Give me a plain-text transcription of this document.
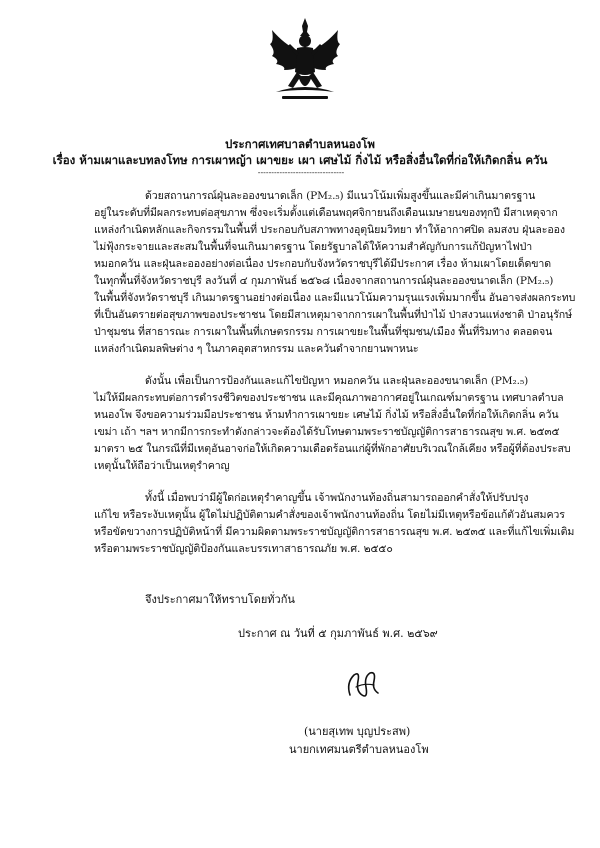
ประกาศเทศบาลตำบลหนองโพ
เรื่อง ห้ามเผาและบทลงโทษ การเผาหญ้า เผาขยะ เผา เศษไม้ กิ่งไม้ หรือสิ่งอื่นใดที่ก่อให้เกิดกลิ่น ควัน
--------------------------------
ด้วยสถานการณ์ฝุ่นละอองขนาดเล็ก (PM₂.₅) มีแนวโน้มเพิ่มสูงขึ้นและมีค่าเกินมาตรฐาน
อยู่ในระดับที่มีผลกระทบต่อสุขภาพ ซึ่งจะเริ่มตั้งแต่เดือนพฤศจิกายนถึงเดือนเมษายนของทุกปี มีสาเหตุจาก
แหล่งกำเนิดหลักและกิจกรรมในพื้นที่ ประกอบกับสภาพทางอุตุนิยมวิทยา ทำให้อากาศปิด ลมสงบ ฝุ่นละออง
ไม่ฟุ้งกระจายและสะสมในพื้นที่จนเกินมาตรฐาน โดยรัฐบาลได้ให้ความสำคัญกับการแก้ปัญหาไฟป่า
หมอกควัน และฝุ่นละอองอย่างต่อเนื่อง ประกอบกับจังหวัดราชบุรีได้มีประกาศ เรื่อง ห้ามเผาโดยเด็ดขาด
ในทุกพื้นที่จังหวัดราชบุรี ลงวันที่ ๔ กุมภาพันธ์ ๒๕๖๘ เนื่องจากสถานการณ์ฝุ่นละอองขนาดเล็ก (PM₂.₅)
ในพื้นที่จังหวัดราชบุรี เกินมาตรฐานอย่างต่อเนื่อง และมีแนวโน้มความรุนแรงเพิ่มมากขึ้น อันอาจส่งผลกระทบ
ที่เป็นอันตรายต่อสุขภาพของประชาชน โดยมีสาเหตุมาจากการเผาในพื้นที่ป่าไม้ ป่าสงวนแห่งชาติ ป่าอนุรักษ์
ป่าชุมชน ที่สาธารณะ การเผาในพื้นที่เกษตรกรรม การเผาขยะในพื้นที่ชุมชน/เมือง พื้นที่ริมทาง ตลอดจน
แหล่งกำเนิดมลพิษต่าง ๆ ในภาคอุตสาหกรรม และควันดำจากยานพาหนะ
ดังนั้น เพื่อเป็นการป้องกันและแก้ไขปัญหา หมอกควัน และฝุ่นละอองขนาดเล็ก (PM₂.₅)
ไม่ให้มีผลกระทบต่อการดำรงชีวิตของประชาชน และมีคุณภาพอากาศอยู่ในเกณฑ์มาตรฐาน เทศบาลตำบล
หนองโพ จึงขอความร่วมมือประชาชน ห้ามทำการเผาขยะ เศษไม้ กิ่งไม้ หรือสิ่งอื่นใดที่ก่อให้เกิดกลิ่น ควัน
เขม่า เถ้า ฯลฯ หากมีการกระทำดังกล่าวจะต้องได้รับโทษตามพระราชบัญญัติการสาธารณสุข พ.ศ. ๒๕๓๕
มาตรา ๒๕ ในกรณีที่มีเหตุอันอาจก่อให้เกิดความเดือดร้อนแก่ผู้ที่พักอาศัยบริเวณใกล้เคียง หรือผู้ที่ต้องประสบ
เหตุนั้นให้ถือว่าเป็นเหตุรำคาญ
ทั้งนี้ เมื่อพบว่ามีผู้ใดก่อเหตุรำคาญขึ้น เจ้าพนักงานท้องถิ่นสามารถออกคำสั่งให้ปรับปรุง
แก้ไข หรือระงับเหตุนั้น ผู้ใดไม่ปฏิบัติตามคำสั่งของเจ้าพนักงานท้องถิ่น โดยไม่มีเหตุหรือข้อแก้ตัวอันสมควร
หรือขัดขวางการปฏิบัติหน้าที่ มีความผิดตามพระราชบัญญัติการสาธารณสุข พ.ศ. ๒๕๓๕ และที่แก้ไขเพิ่มเติม
หรือตามพระราชบัญญัติป้องกันและบรรเทาสาธารณภัย พ.ศ. ๒๕๕๐
จึงประกาศมาให้ทราบโดยทั่วกัน
ประกาศ ณ วันที่ ๕ กุมภาพันธ์ พ.ศ. ๒๕๖๙
(นายสุเทพ บุญประสพ)
นายกเทศมนตรีตำบลหนองโพ
